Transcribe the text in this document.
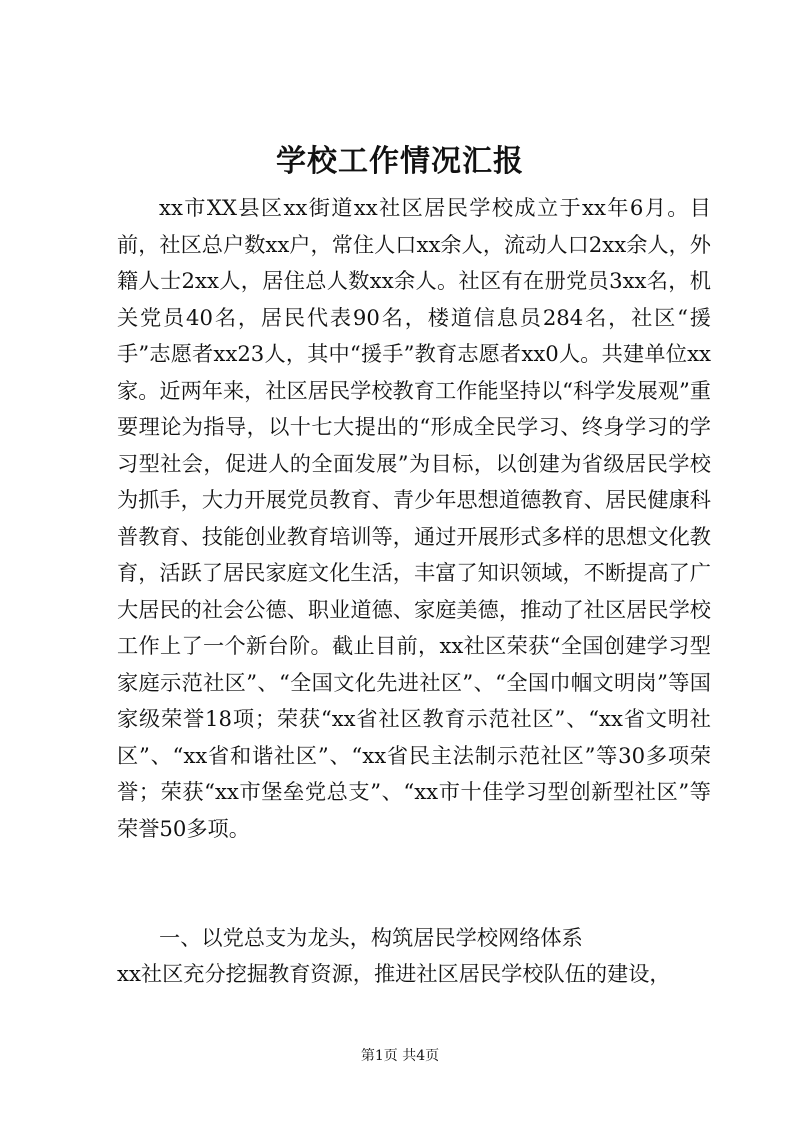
学校工作情况汇报

xx市XX县区xx街道xx社区居民学校成立于xx年6月。目前，社区总户数xx户，常住人口xx余人，流动人口2xx余人，外籍人士2xx人，居住总人数xx余人。社区有在册党员3xx名，机关党员40名，居民代表90名，楼道信息员284名，社区“援手”志愿者xx23人，其中“援手”教育志愿者xx0人。共建单位xx家。近两年来，社区居民学校教育工作能坚持以“科学发展观”重要理论为指导，以十七大提出的“形成全民学习、终身学习的学习型社会，促进人的全面发展”为目标，以创建为省级居民学校为抓手，大力开展党员教育、青少年思想道德教育、居民健康科普教育、技能创业教育培训等，通过开展形式多样的思想文化教育，活跃了居民家庭文化生活，丰富了知识领域，不断提高了广大居民的社会公德、职业道德、家庭美德，推动了社区居民学校工作上了一个新台阶。截止目前，xx社区荣获“全国创建学习型家庭示范社区”、“全国文化先进社区”、“全国巾帼文明岗”等国家级荣誉18项；荣获“xx省社区教育示范社区”、“xx省文明社区”、“xx省和谐社区”、“xx省民主法制示范社区”等30多项荣誉；荣获“xx市堡垒党总支”、“xx市十佳学习型创新型社区”等荣誉50多项。

一、以党总支为龙头，构筑居民学校网络体系

xx社区充分挖掘教育资源，推进社区居民学校队伍的建设，

第1页 共4页
